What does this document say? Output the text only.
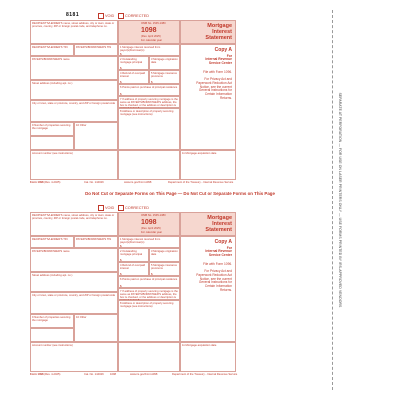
8181	VOID	CORRECTED
RECIPIENT'S/LENDER'S name, street address, city or town, state or province, country, ZIP or foreign postal code, and telephone no.
RECIPIENT'S/LENDER'S TIN	PAYER'S/BORROWER'S TIN
PAYER'S/BORROWER'S name
Street address (including apt. no.)
City or town, state or province, country, and ZIP or foreign postal code
9 Number of properties securing the mortgage
10 Other
Account number (see instructions)
OMB No. 1545-1380
1098
(Rev. April 2025)
For calendar year
1 Mortgage interest received from payer(s)/borrower(s)
$
2 Outstanding mortgage principal
$
3 Mortgage origination date
4 Refund of overpaid interest
$
5 Mortgage insurance premiums
$
6 Points paid on purchase of principal residence
$
7 If address of property securing mortgage is the same as PAYER'S/BORROWER'S address, the box is checked, or the address or description is
8 Address or description of property securing mortgage (see instructions)
Mortgage
Interest
Statement
Copy A
For
Internal Revenue Service Center
File with Form 1096.
For Privacy Act and Paperwork Reduction Act Notice, see the current General Instructions for Certain Information Returns.
11 Mortgage acquisition date
Form 1098 (Rev. 4-2025)	Cat. No. 14402K	www.irs.gov/Form1098	Department of the Treasury - Internal Revenue Service
Do Not Cut or Separate Forms on This Page — Do Not Cut or Separate Forms on This Page
VOID	CORRECTED
RECIPIENT'S/LENDER'S name, street address, city or town, state or province, country, ZIP or foreign postal code, and telephone no.
RECIPIENT'S/LENDER'S TIN	PAYER'S/BORROWER'S TIN
PAYER'S/BORROWER'S name
Street address (including apt. no.)
City or town, state or province, country, and ZIP or foreign postal code
9 Number of properties securing the mortgage
10 Other
Account number (see instructions)
OMB No. 1545-1380
1098
(Rev. April 2025)
For calendar year
1 Mortgage interest received from payer(s)/borrower(s)
$
2 Outstanding mortgage principal
$
3 Mortgage origination date
4 Refund of overpaid interest
$
5 Mortgage insurance premiums
$
6 Points paid on purchase of principal residence
$
7 If address of property securing mortgage is the same as PAYER'S/BORROWER'S address, the box is checked, or the address or description is
8 Address or description of property securing mortgage (see instructions)
Mortgage
Interest
Statement
Copy A
For
Internal Revenue Service Center
File with Form 1096.
For Privacy Act and Paperwork Reduction Act Notice, see the current General Instructions for Certain Information Returns.
11 Mortgage acquisition date
Form 1098 (Rev. 4-2025)	Cat. No. 14402K 1098	www.irs.gov/Form1098	Department of the Treasury - Internal Revenue Service
SEPARATE AT PERFORATION — FOR USE ON LASER PRINTERS ONLY — USE FORMS PRINTED BY IRS-APPROVED VENDORS
